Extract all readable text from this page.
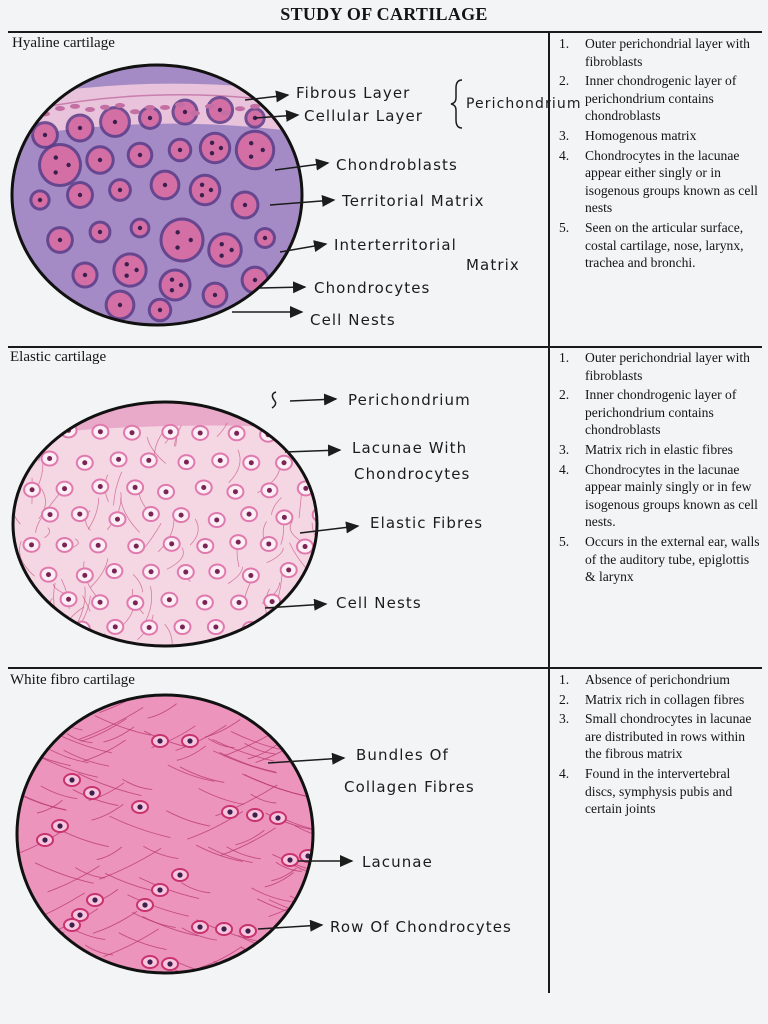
STUDY OF CARTILAGE
Hyaline cartilage
Elastic cartilage
White fibro cartilage
1. Outer perichondrial layer with fibroblasts
2. Inner chondrogenic layer of perichondrium contains chondroblasts
3. Homogenous matrix
4. Chondrocytes in the lacunae appear either singly or in isogenous groups known as cell nests
5. Seen on the articular surface, costal cartilage, nose, larynx, trachea and bronchi.
1. Outer perichondrial layer with fibroblasts
2. Inner chondrogenic layer of perichondrium contains chondroblasts
3. Matrix rich in elastic fibres
4. Chondrocytes in the lacunae appear mainly singly or in few isogenous groups known as cell nests.
5. Occurs in the external ear, walls of the auditory tube, epiglottis & larynx
1. Absence of perichondrium
2. Matrix rich in collagen fibres
3. Small chondrocytes in lacunae are distributed in rows within the fibrous matrix
4. Found in the intervertebral discs, symphysis pubis and certain joints
Fibrous Layer
Cellular Layer
Perichondrium
Chondroblasts
Territorial Matrix
Interterritorial
Matrix
Chondrocytes
Cell Nests
Perichondrium
Lacunae With
Chondrocytes
Elastic Fibres
Cell Nests
Bundles Of
Collagen Fibres
Lacunae
Row Of Chondrocytes
